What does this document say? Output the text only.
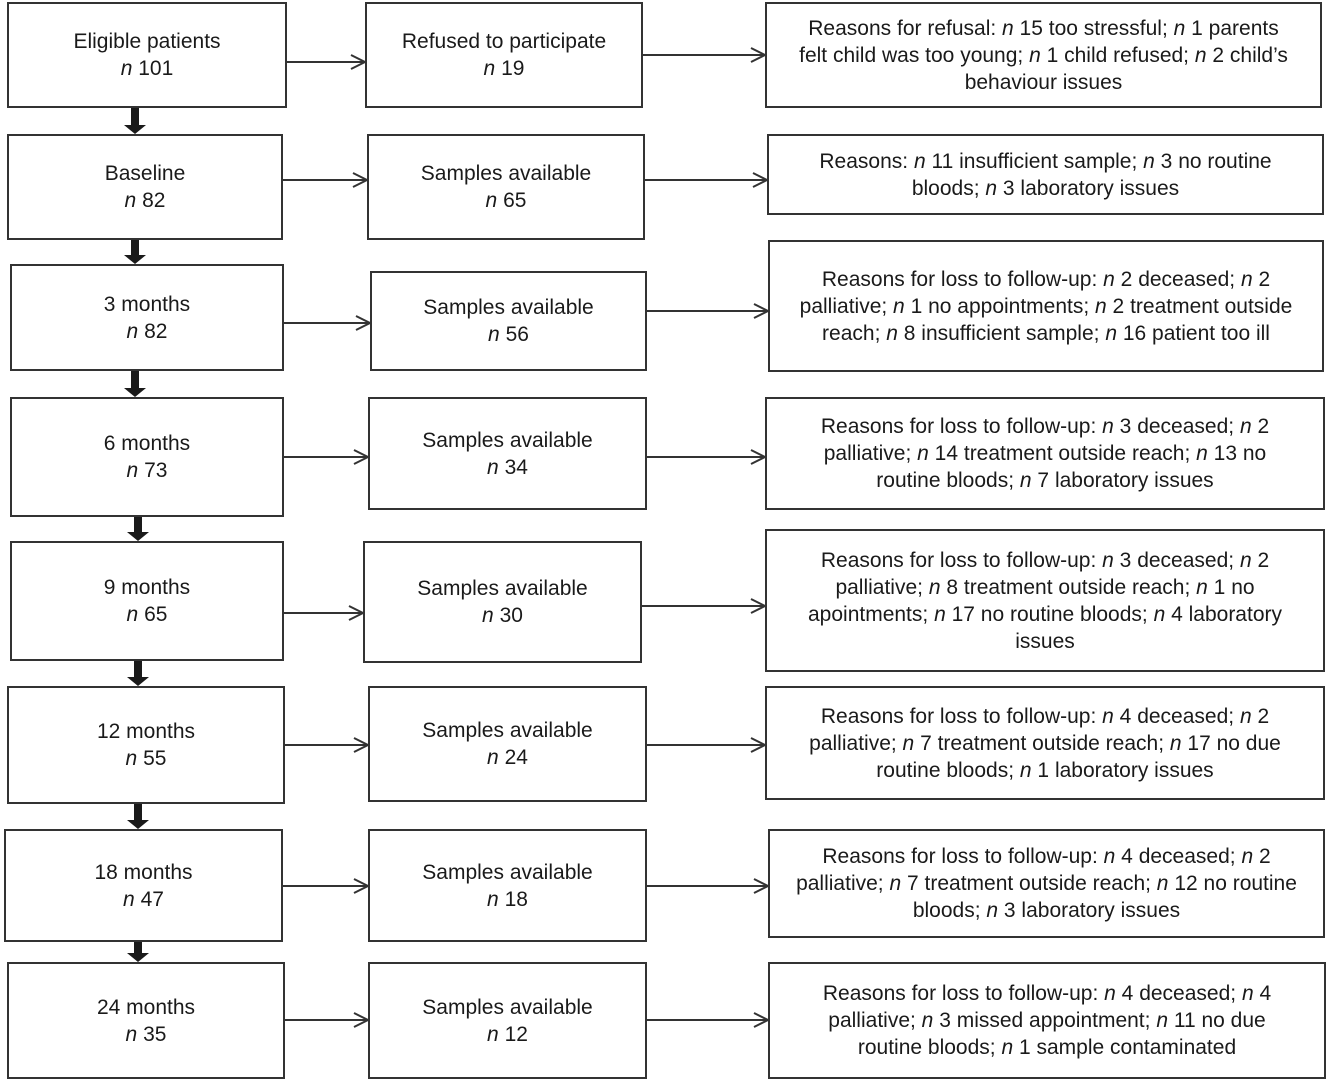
Eligible patients
n 101
Refused to participate
n 19
Reasons for refusal: n 15 too stressful; n 1 parents felt child was too young; n 1 child refused; n 2 child’s behaviour issues
Baseline
n 82
Samples available
n 65
Reasons: n 11 insufficient sample; n 3 no routine bloods; n 3 laboratory issues
3 months
n 82
Samples available
n 56
Reasons for loss to follow-up: n 2 deceased; n 2 palliative; n 1 no appointments; n 2 treatment outside reach; n 8 insufficient sample; n 16 patient too ill
6 months
n 73
Samples available
n 34
Reasons for loss to follow-up: n 3 deceased; n 2 palliative; n 14 treatment outside reach; n 13 no routine bloods; n 7 laboratory issues
9 months
n 65
Samples available
n 30
Reasons for loss to follow-up: n 3 deceased; n 2 palliative; n 8 treatment outside reach; n 1 no apointments; n 17 no routine bloods; n 4 laboratory issues
12 months
n 55
Samples available
n 24
Reasons for loss to follow-up: n 4 deceased; n 2 palliative; n 7 treatment outside reach; n 17 no due routine bloods; n 1 laboratory issues
18 months
n 47
Samples available
n 18
Reasons for loss to follow-up: n 4 deceased; n 2 palliative; n 7 treatment outside reach; n 12 no routine bloods; n 3 laboratory issues
24 months
n 35
Samples available
n 12
Reasons for loss to follow-up: n 4 deceased; n 4 palliative; n 3 missed appointment; n 11 no due routine bloods; n 1 sample contaminated
